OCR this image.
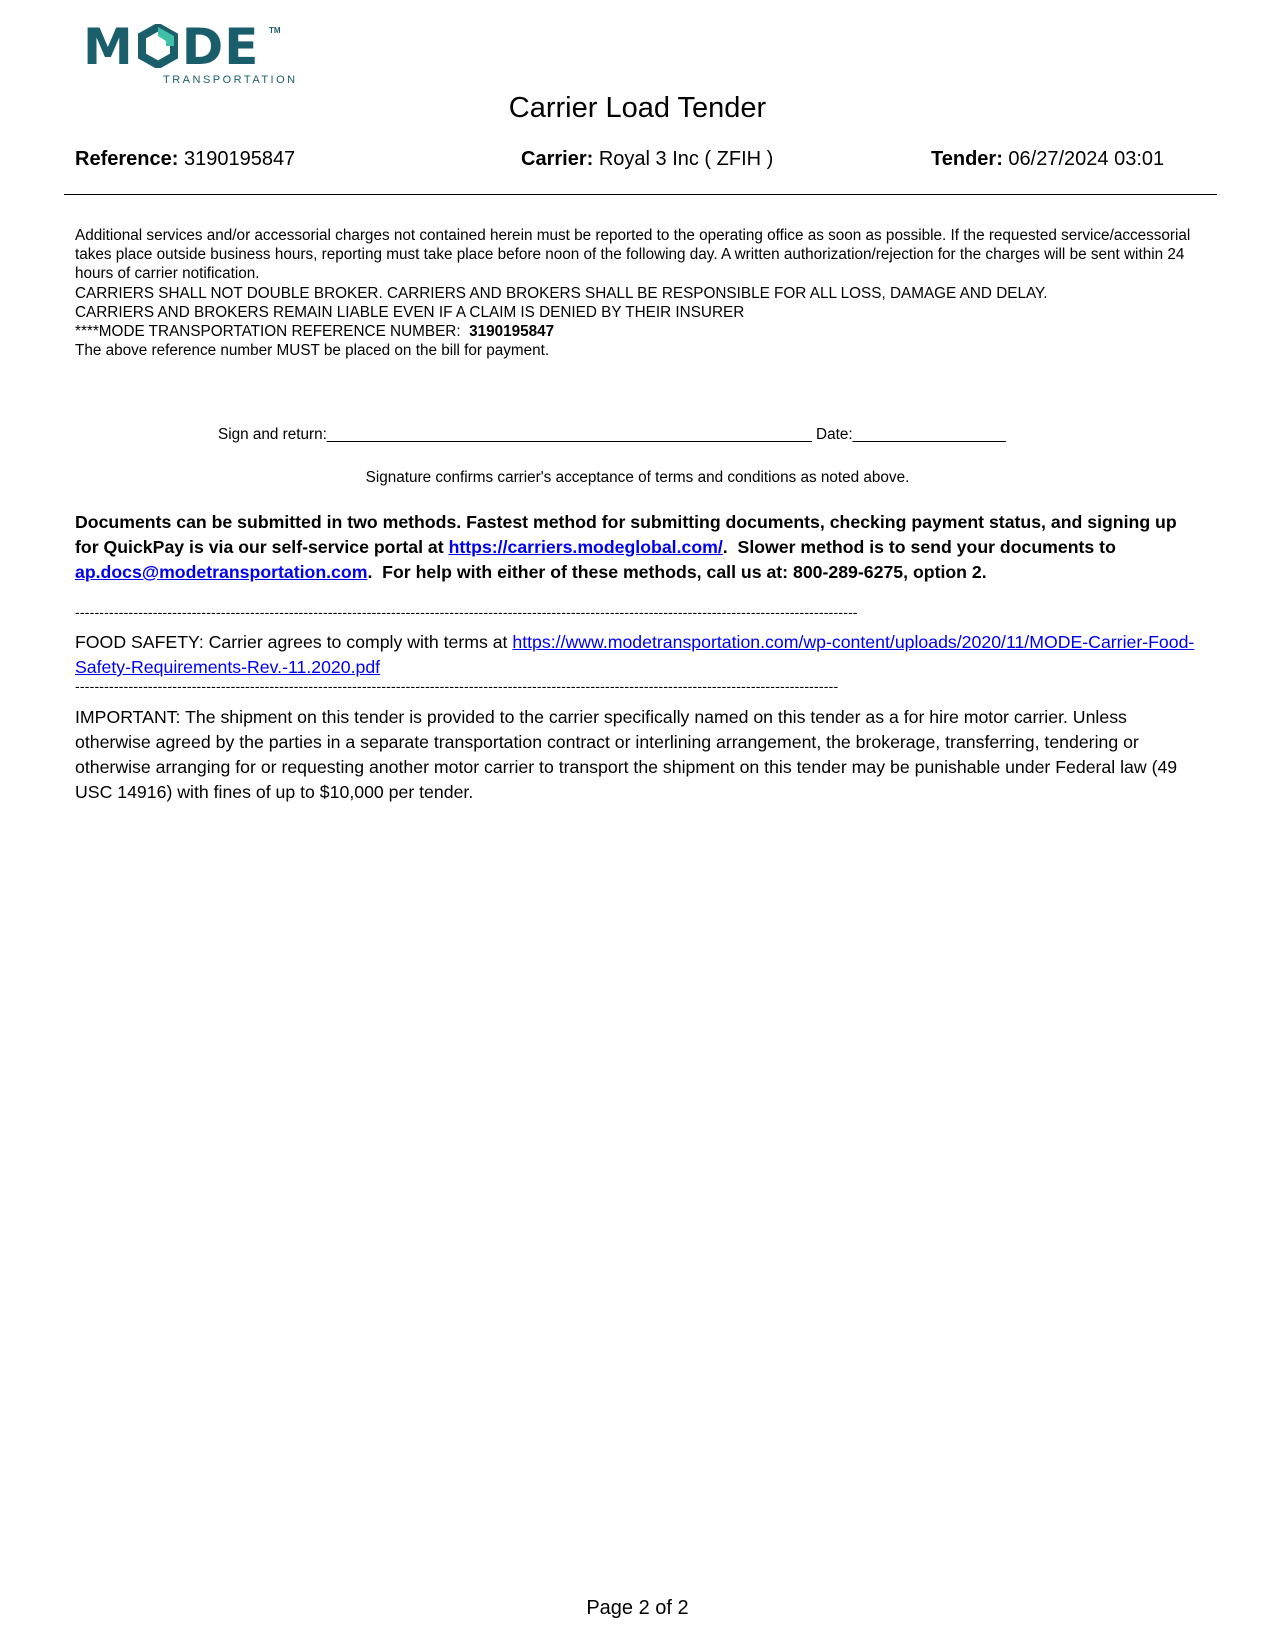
M DE TM
TRANSPORTATION
Carrier Load Tender
Reference: 3190195847	Carrier: Royal 3 Inc ( ZFIH )	Tender: 06/27/2024 03:01

Additional services and/or accessorial charges not contained herein must be reported to the operating office as soon as possible. If the requested service/accessorial takes place outside business hours, reporting must take place before noon of the following day. A written authorization/rejection for the charges will be sent within 24 hours of carrier notification.

CARRIERS SHALL NOT DOUBLE BROKER. CARRIERS AND BROKERS SHALL BE RESPONSIBLE FOR ALL LOSS, DAMAGE AND DELAY.

CARRIERS AND BROKERS REMAIN LIABLE EVEN IF A CLAIM IS DENIED BY THEIR INSURER

****MODE TRANSPORTATION REFERENCE NUMBER:  3190195847

The above reference number MUST be placed on the bill for payment.

Sign and return:_________________________________________________________ Date:__________________
Signature confirms carrier's acceptance of terms and conditions as noted above.
Documents can be submitted in two methods. Fastest method for submitting documents, checking payment status, and signing up for QuickPay is via our self-service portal at https://carriers.modeglobal.com/.  Slower method is to send your documents to ap.docs@modetransportation.com.  For help with either of these methods, call us at: 800-289-6275, option 2.
-----------------------------------------------------------------------------------------------------------------------------------------------------------------
FOOD SAFETY: Carrier agrees to comply with terms at https://www.modetransportation.com/wp-content/uploads/2020/11/MODE-Carrier-Food-Safety-Requirements-Rev.-11.2020.pdf
-------------------------------------------------------------------------------------------------------------------------------------------------------------
IMPORTANT: The shipment on this tender is provided to the carrier specifically named on this tender as a for hire motor carrier. Unless otherwise agreed by the parties in a separate transportation contract or interlining arrangement, the brokerage, transferring, tendering or otherwise arranging for or requesting another motor carrier to transport the shipment on this tender may be punishable under Federal law (49 USC 14916) with fines of up to $10,000 per tender.
Page 2 of 2
